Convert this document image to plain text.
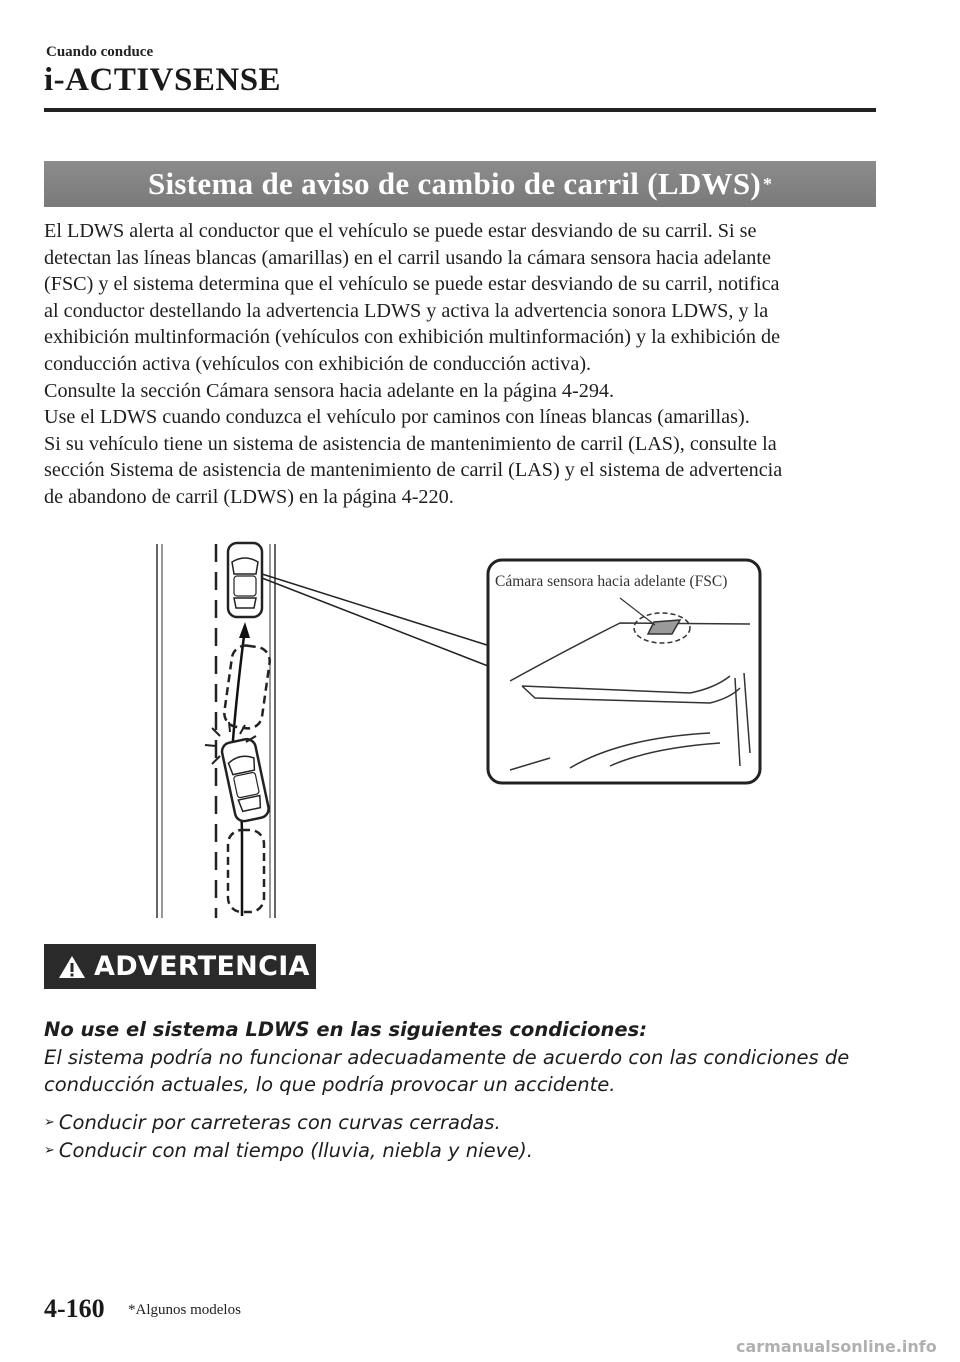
Cuando conduce
i-ACTIVSENSE
Sistema de aviso de cambio de carril (LDWS) *

El LDWS alerta al conductor que el vehículo se puede estar desviando de su carril. Si se

detectan las líneas blancas (amarillas) en el carril usando la cámara sensora hacia adelante

(FSC) y el sistema determina que el vehículo se puede estar desviando de su carril, notifica

al conductor destellando la advertencia LDWS y activa la advertencia sonora LDWS, y la

exhibición multinformación (vehículos con exhibición multinformación) y la exhibición de

conducción activa (vehículos con exhibición de conducción activa).

Consulte la sección Cámara sensora hacia adelante en la página 4-294.

Use el LDWS cuando conduzca el vehículo por caminos con líneas blancas (amarillas).

Si su vehículo tiene un sistema de asistencia de mantenimiento de carril (LAS), consulte la

sección Sistema de asistencia de mantenimiento de carril (LAS) y el sistema de advertencia

de abandono de carril (LDWS) en la página 4-220.

Cámara sensora hacia adelante (FSC)
ADVERTENCIA

No use el sistema LDWS en las siguientes condiciones:

El sistema podría no funcionar adecuadamente de acuerdo con las condiciones de

conducción actuales, lo que podría provocar un accidente.

➢ Conducir por carreteras con curvas cerradas.
➢ Conducir con mal tiempo (lluvia, niebla y nieve).
4-160 *Algunos modelos
carmanualsonline.info
